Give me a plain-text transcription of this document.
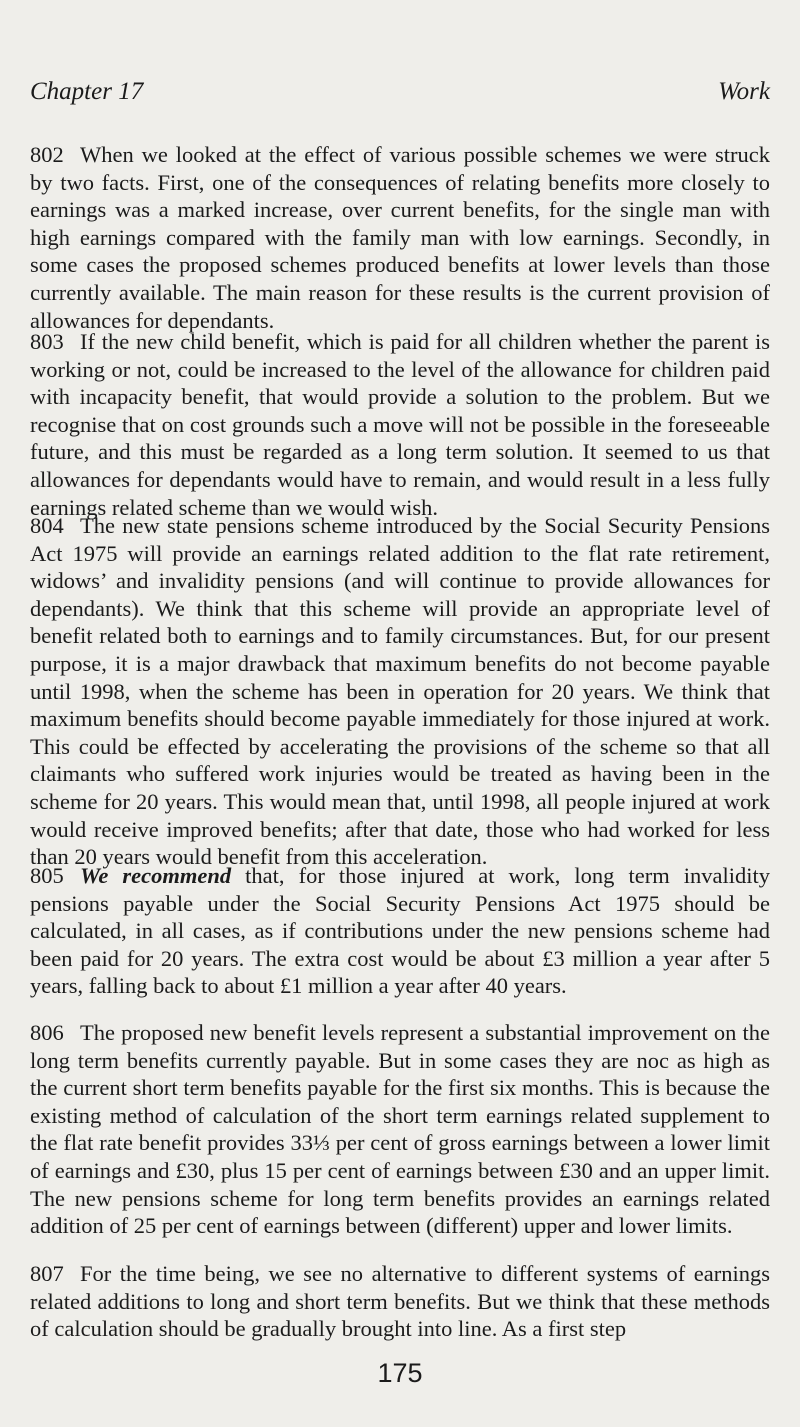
Chapter 17	Work

802 When we looked at the effect of various possible schemes we were struck by two facts. First, one of the consequences of relating benefits more closely to earnings was a marked increase, over current benefits, for the single man with high earnings compared with the family man with low earnings. Secondly, in some cases the proposed schemes produced benefits at lower levels than those currently available. The main reason for these results is the current provision of allowances for dependants.

803 If the new child benefit, which is paid for all children whether the parent is working or not, could be increased to the level of the allowance for children paid with incapacity benefit, that would provide a solution to the problem. But we recognise that on cost grounds such a move will not be possible in the foreseeable future, and this must be regarded as a long term solution. It seemed to us that allowances for dependants would have to remain, and would result in a less fully earnings related scheme than we would wish.

804 The new state pensions scheme introduced by the Social Security Pensions Act 1975 will provide an earnings related addition to the flat rate retirement, widows’ and invalidity pensions (and will continue to provide allowances for dependants). We think that this scheme will provide an appropriate level of benefit related both to earnings and to family circumstances. But, for our present purpose, it is a major drawback that maximum benefits do not become payable until 1998, when the scheme has been in operation for 20 years. We think that maximum benefits should become payable immediately for those injured at work. This could be effected by accelerating the provisions of the scheme so that all claimants who suffered work injuries would be treated as having been in the scheme for 20 years. This would mean that, until 1998, all people injured at work would receive improved benefits; after that date, those who had worked for less than 20 years would benefit from this acceleration.

805 We recommend that, for those injured at work, long term invalidity pensions payable under the Social Security Pensions Act 1975 should be calculated, in all cases, as if contributions under the new pensions scheme had been paid for 20 years. The extra cost would be about £3 million a year after 5 years, falling back to about £1 million a year after 40 years.

806 The proposed new benefit levels represent a substantial improvement on the long term benefits currently payable. But in some cases they are noc as high as the current short term benefits payable for the first six months. This is because the existing method of calculation of the short term earnings related supplement to the flat rate benefit provides 33⅓ per cent of gross earnings between a lower limit of earnings and £30, plus 15 per cent of earnings between £30 and an upper limit. The new pensions scheme for long term benefits provides an earnings related addition of 25 per cent of earnings between (different) upper and lower limits.

807 For the time being, we see no alternative to different systems of earnings related additions to long and short term benefits. But we think that these methods of calculation should be gradually brought into line. As a first step

175
